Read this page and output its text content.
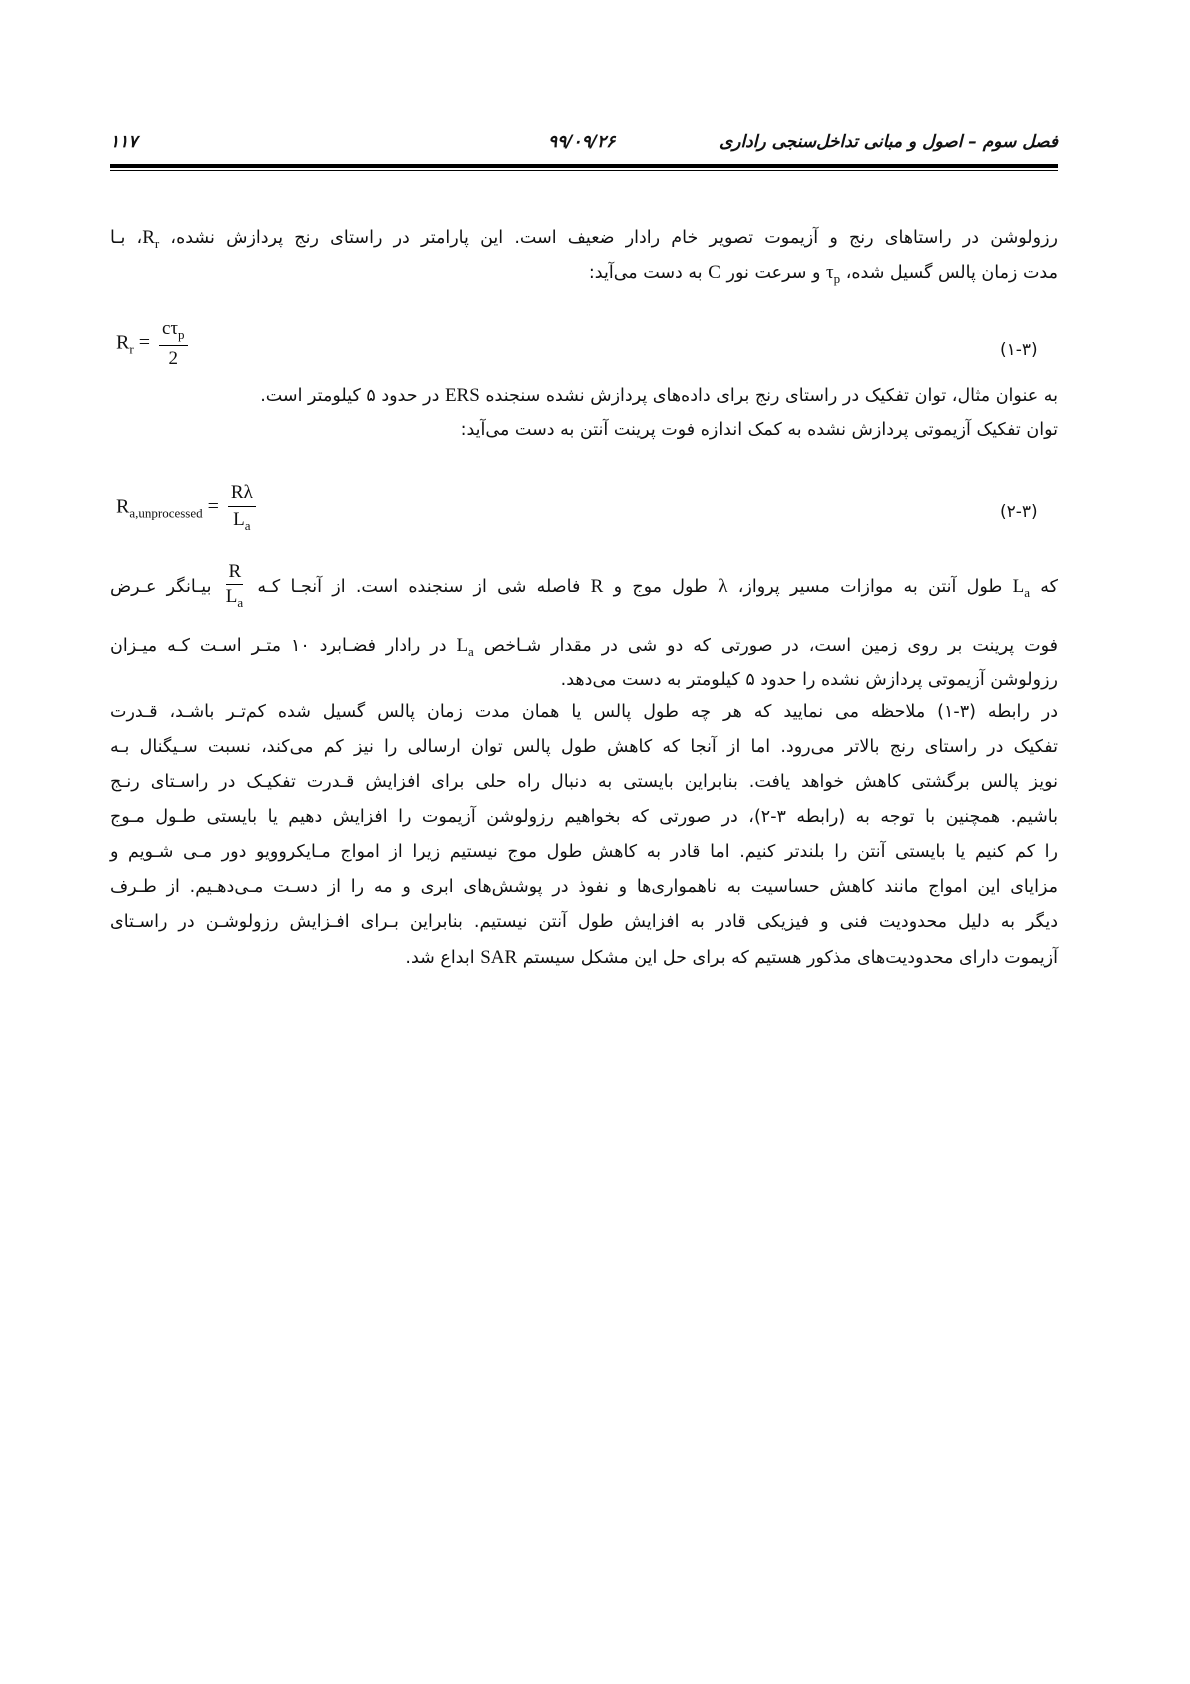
فصل سوم – اصول و مبانی تداخل‌سنجی راداری
۹۹/۰۹/۲۶
۱۱۷
رزولوشن در راستاهای رنج و آزیموت تصویر خام رادار ضعیف است. این پارامتر در راستای رنج پردازش نشده، $R_r،$ بـا
مدت زمان پالس گسیل شده، $\tau_p$ و سرعت نور C به دست می‌آید:
$R_r = \frac{c\tau_p}{2}$	(۱-۳)
به عنوان مثال، توان تفکیک در راستای رنج برای داده‌های پردازش نشده سنجنده ERS در حدود ۵ کیلومتر است.
توان تفکیک آزیموتی پردازش نشده به کمک اندازه فوت پرینت آنتن به دست می‌آید:
$R_{a,unprocessed} = \frac{R\lambda}{L_a}$	(۲-۳)
که $L_a$ طول آنتن به موازات مسیر پرواز، λ طول موج و R فاصله شی از سنجنده است. از آنجـا کـه
$\frac{R}{L_a}$
بیـانگر عـرض
فوت پرینت بر روی زمین است، در صورتی که دو شی در مقدار شـاخص $L_a$ در رادار فضـابرد ۱۰ متـر اسـت کـه میـزان
رزولوشن آزیموتی پردازش نشده را حدود ۵ کیلومتر به دست می‌دهد.
در رابطه (۳-۱) ملاحظه می نمایید که هر چه طول پالس یا همان مدت زمان پالس گسیل شده کم‌تـر باشـد، قـدرت
تفکیک در راستای رنج بالاتر می‌رود. اما از آنجا که کاهش طول پالس توان ارسالی را نیز کم می‌کند، نسبت سـیگنال بـه
نویز پالس برگشتی کاهش خواهد یافت. بنابراین بایستی به دنبال راه حلی برای افزایش قـدرت تفکیـک در راسـتای رنـج
باشیم. همچنین با توجه به (رابطه ۳-۲)، در صورتی که بخواهیم رزولوشن آزیموت را افزایش دهیم یا بایستی طـول مـوج
را کم کنیم یا بایستی آنتن را بلندتر کنیم. اما قادر به کاهش طول موج نیستیم زیرا از امواج مـایکروویو دور مـی شـویم و
مزایای این امواج مانند کاهش حساسیت به ناهمواری‌ها و نفوذ در پوشش‌های ابری و مه را از دسـت مـی‌دهـیم. از طـرف
دیگر به دلیل محدودیت فنی و فیزیکی قادر به افزایش طول آنتن نیستیم. بنابراین بـرای افـزایش رزولوشـن در راسـتای
آزیموت دارای محدودیت‌های مذکور هستیم که برای حل این مشکل سیستم SAR ابداع شد.
